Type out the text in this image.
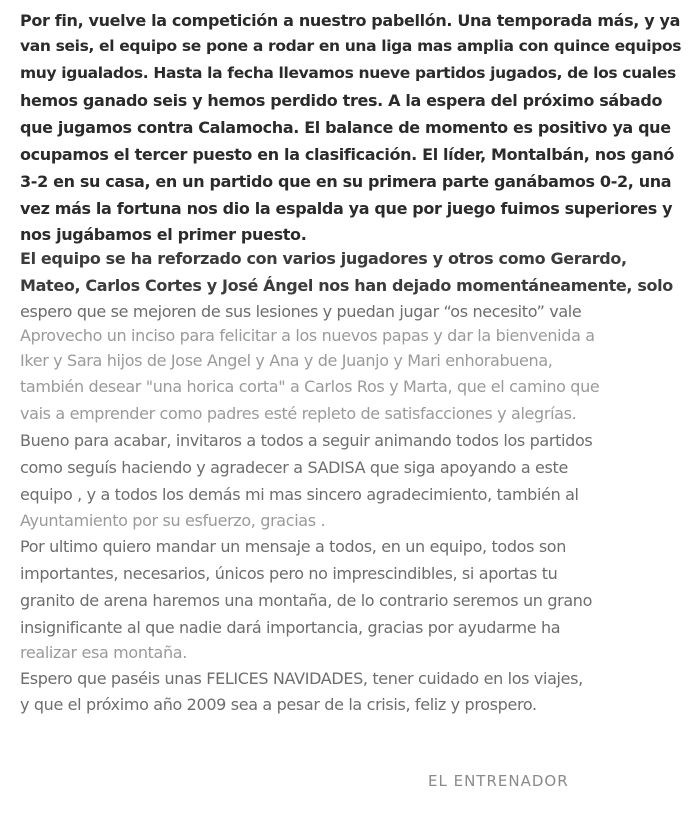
Por fin, vuelve la competición a nuestro pabellón. Una temporada más, y ya
van seis, el equipo se pone a rodar en una liga mas amplia con quince equipos
muy igualados. Hasta la fecha llevamos nueve partidos jugados, de los cuales
hemos ganado seis y hemos perdido tres. A la espera del próximo sábado
que jugamos contra Calamocha. El balance de momento es positivo ya que
ocupamos el tercer puesto en la clasificación. El líder, Montalbán, nos ganó
3-2 en su casa, en un partido que en su primera parte ganábamos 0-2, una
vez más la fortuna nos dio la espalda ya que por juego fuimos superiores y
nos jugábamos el primer puesto.
El equipo se ha reforzado con varios jugadores y otros como Gerardo,
Mateo, Carlos Cortes y José Ángel nos han dejado momentáneamente, solo
espero que se mejoren de sus lesiones y puedan jugar “os necesito” vale
Aprovecho un inciso para felicitar a los nuevos papas y dar la bienvenida a
Iker y Sara hijos de Jose Angel y Ana y de Juanjo y Mari enhorabuena,
también desear "una horica corta" a Carlos Ros y Marta, que el camino que
vais a emprender como padres esté repleto de satisfacciones y alegrías.
Bueno para acabar, invitaros a todos a seguir animando todos los partidos
como seguís haciendo y agradecer a SADISA que siga apoyando a este
equipo , y a todos los demás mi mas sincero agradecimiento, también al
Ayuntamiento por su esfuerzo, gracias .
Por ultimo quiero mandar un mensaje a todos, en un equipo, todos son
importantes, necesarios, únicos pero no imprescindibles, si aportas tu
granito de arena haremos una montaña, de lo contrario seremos un grano
insignificante al que nadie dará importancia, gracias por ayudarme ha
realizar esa montaña.
Espero que paséis unas FELICES NAVIDADES, tener cuidado en los viajes,
y que el próximo año 2009 sea a pesar de la crisis, feliz y prospero.
EL ENTRENADOR
